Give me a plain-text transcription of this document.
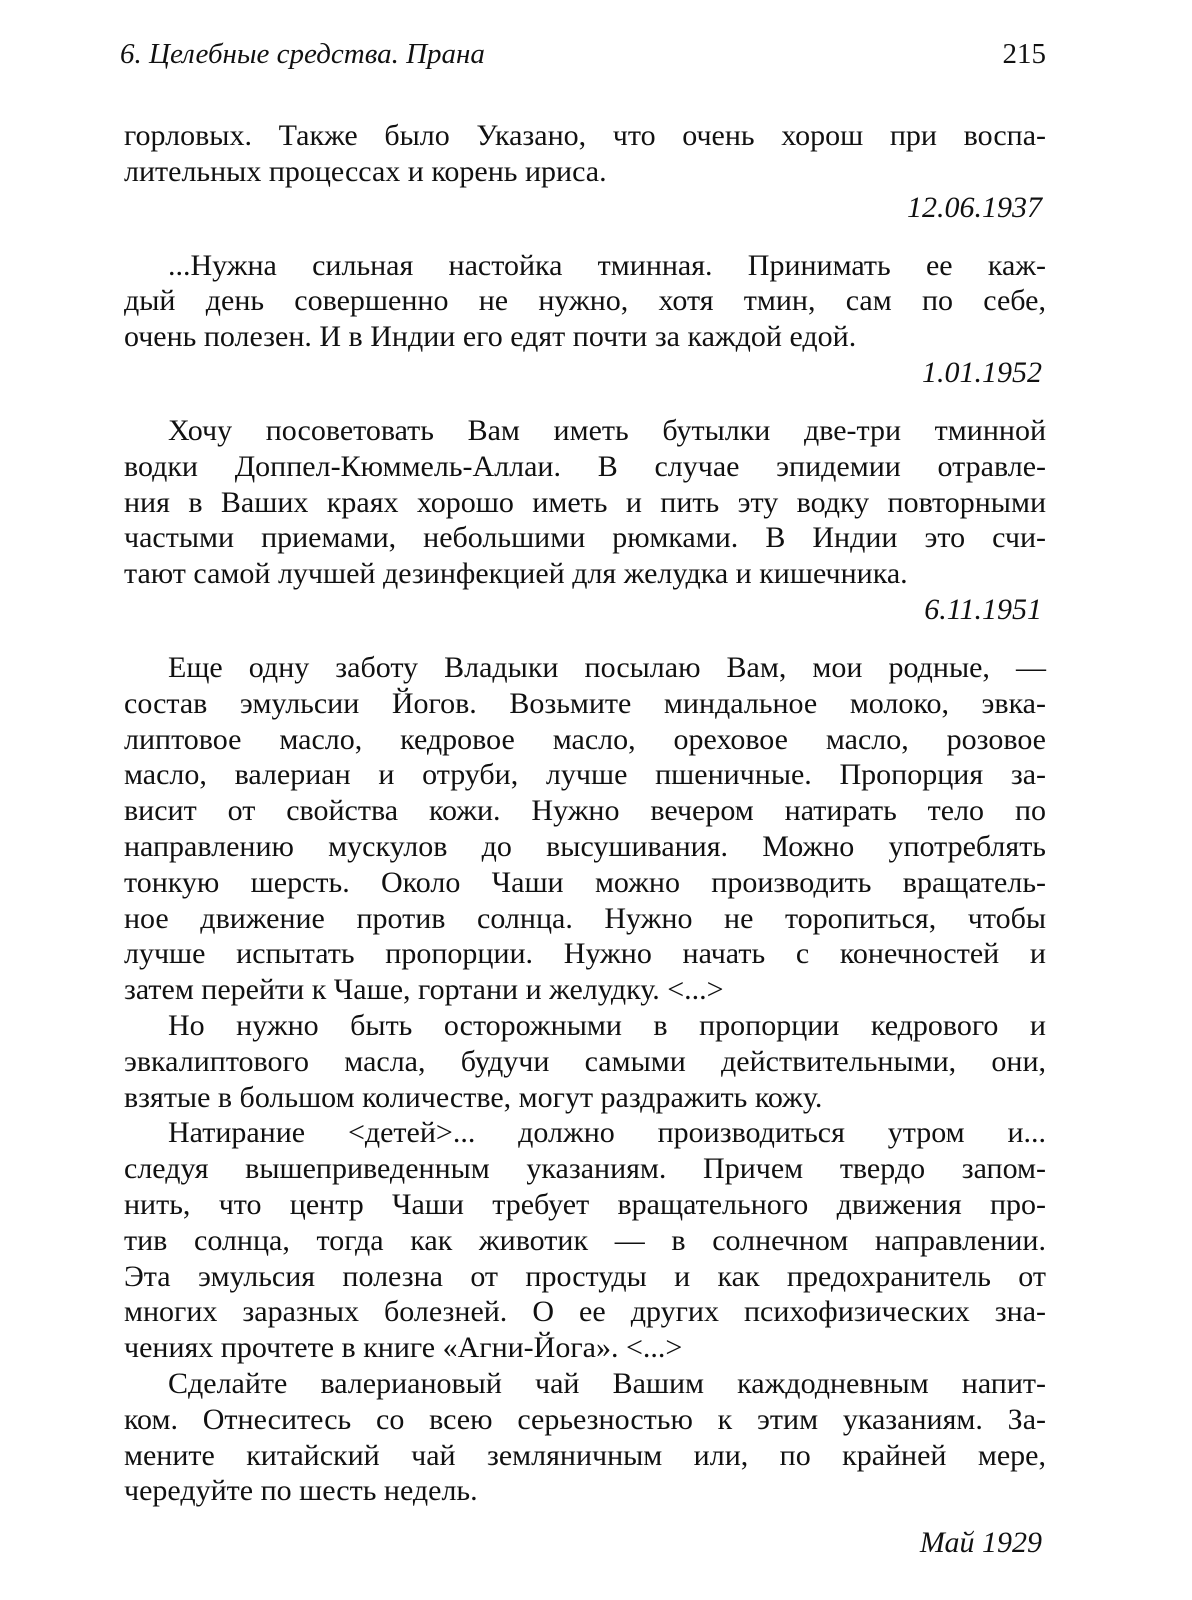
6. Целебные средства. Прана	215
горловых. Также было Указано, что очень хорош при воспа-
лительных процессах и корень ириса.
12.06.1937
...Нужна сильная настойка тминная. Принимать ее каж-
дый день совершенно не нужно, хотя тмин, сам по себе,
очень полезен. И в Индии его едят почти за каждой едой.
1.01.1952
Хочу посоветовать Вам иметь бутылки две-три тминной
водки Доппел-Кюммель-Аллаи. В случае эпидемии отравле-
ния в Ваших краях хорошо иметь и пить эту водку повторными
частыми приемами, небольшими рюмками. В Индии это счи-
тают самой лучшей дезинфекцией для желудка и кишечника.
6.11.1951
Еще одну заботу Владыки посылаю Вам, мои родные, —
состав эмульсии Йогов. Возьмите миндальное молоко, эвка-
липтовое масло, кедровое масло, ореховое масло, розовое
масло, валериан и отруби, лучше пшеничные. Пропорция за-
висит от свойства кожи. Нужно вечером натирать тело по
направлению мускулов до высушивания. Можно употреблять
тонкую шерсть. Около Чаши можно производить вращатель-
ное движение против солнца. Нужно не торопиться, чтобы
лучше испытать пропорции. Нужно начать с конечностей и
затем перейти к Чаше, гортани и желудку. <...>
Но нужно быть осторожными в пропорции кедрового и
эвкалиптового масла, будучи самыми действительными, они,
взятые в большом количестве, могут раздражить кожу.
Натирание <детей>... должно производиться утром и...
следуя вышеприведенным указаниям. Причем твердо запом-
нить, что центр Чаши требует вращательного движения про-
тив солнца, тогда как животик — в солнечном направлении.
Эта эмульсия полезна от простуды и как предохранитель от
многих заразных болезней. О ее других психофизических зна-
чениях прочтете в книге «Агни-Йога». <...>
Сделайте валериановый чай Вашим каждодневным напит-
ком. Отнеситесь со всею серьезностью к этим указаниям. За-
мените китайский чай земляничным или, по крайней мере,
чередуйте по шесть недель.
Май 1929
